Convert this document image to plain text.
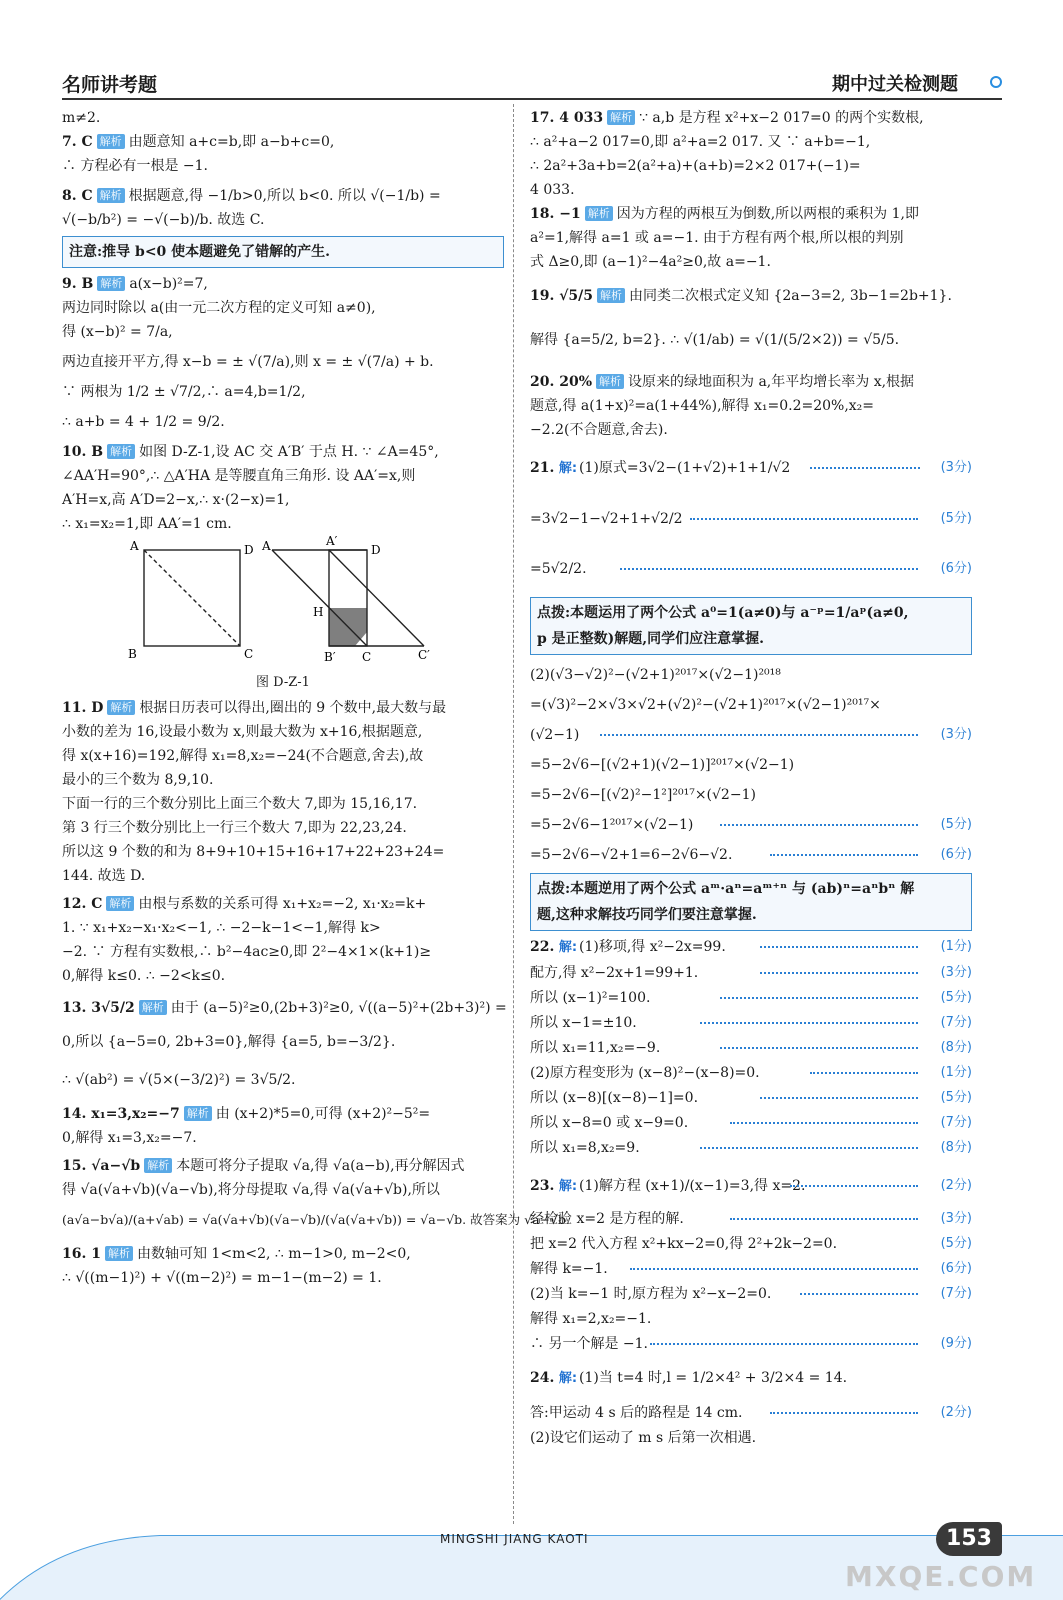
名师讲考题	期中过关检测题

m≠2.

7. C 解析 由题意知 a+c=b,即 a−b+c=0,

∴ 方程必有一根是 −1.

8. C 解析 根据题意,得 −1/b>0,所以 b<0. 所以 √(−1/b) =

√(−b/b²) = −√(−b)/b. 故选 C.

注意:推导 b<0 使本题避免了错解的产生.

9. B 解析 a(x−b)²=7,

两边同时除以 a(由一元二次方程的定义可知 a≠0),

得 (x−b)² = 7/a,

两边直接开平方,得 x−b = ± √(7/a),则 x = ± √(7/a) + b.

∵ 两根为 1/2 ± √7/2,∴ a=4,b=1/2,

∴ a+b = 4 + 1/2 = 9/2.

10. B 解析 如图 D-Z-1,设 AC 交 A′B′ 于点 H. ∵ ∠A=45°,

∠AA′H=90°,∴ △A′HA 是等腰直角三角形. 设 AA′=x,则

A′H=x,高 A′D=2−x,∴ x·(2−x)=1,

∴ x₁=x₂=1,即 AA′=1 cm.

A	D
B	C
A	A′
D
H
B′ C	C′

图 D-Z-1

11. D 解析 根据日历表可以得出,圈出的 9 个数中,最大数与最

小数的差为 16,设最小数为 x,则最大数为 x+16,根据题意,

得 x(x+16)=192,解得 x₁=8,x₂=−24(不合题意,舍去),故

最小的三个数为 8,9,10.

下面一行的三个数分别比上面三个数大 7,即为 15,16,17.

第 3 行三个数分别比上一行三个数大 7,即为 22,23,24.

所以这 9 个数的和为 8+9+10+15+16+17+22+23+24=

144. 故选 D.

12. C 解析 由根与系数的关系可得 x₁+x₂=−2, x₁·x₂=k+

1. ∵ x₁+x₂−x₁·x₂<−1, ∴ −2−k−1<−1,解得 k>

−2. ∵ 方程有实数根,∴ b²−4ac≥0,即 2²−4×1×(k+1)≥

0,解得 k≤0. ∴ −2<k≤0.

13. 3√5/2 解析 由于 (a−5)²≥0,(2b+3)²≥0, √((a−5)²+(2b+3)²) =

0,所以 {a−5=0, 2b+3=0},解得 {a=5, b=−3/2}.

∴ √(ab²) = √(5×(−3/2)²) = 3√5/2.

14. x₁=3,x₂=−7 解析 由 (x+2)*5=0,可得 (x+2)²−5²=

0,解得 x₁=3,x₂=−7.

15. √a−√b 解析 本题可将分子提取 √a,得 √a(a−b),再分解因式

得 √a(√a+√b)(√a−√b),将分母提取 √a,得 √a(√a+√b),所以

(a√a−b√a)/(a+√ab) = √a(√a+√b)(√a−√b)/(√a(√a+√b)) = √a−√b. 故答案为 √a−√b.

16. 1 解析 由数轴可知 1<m<2, ∴ m−1>0, m−2<0,

∴ √((m−1)²) + √((m−2)²) = m−1−(m−2) = 1.

17. 4 033 解析 ∵ a,b 是方程 x²+x−2 017=0 的两个实数根,

∴ a²+a−2 017=0,即 a²+a=2 017. 又 ∵ a+b=−1,

∴ 2a²+3a+b=2(a²+a)+(a+b)=2×2 017+(−1)=

4 033.

18. −1 解析 因为方程的两根互为倒数,所以两根的乘积为 1,即

a²=1,解得 a=1 或 a=−1. 由于方程有两个根,所以根的判别

式 Δ≥0,即 (a−1)²−4a²≥0,故 a=−1.

19. √5/5 解析 由同类二次根式定义知 {2a−3=2, 3b−1=2b+1}.

解得 {a=5/2, b=2}. ∴ √(1/ab) = √(1/(5/2×2)) = √5/5.

20. 20% 解析 设原来的绿地面积为 a,年平均增长率为 x,根据

题意,得 a(1+x)²=a(1+44%),解得 x₁=0.2=20%,x₂=

−2.2(不合题意,舍去).

21. 解: (1)原式=3√2−(1+√2)+1+1/√2	(3分)

=3√2−1−√2+1+√2/2	(5分)

=5√2/2.	(6分)

点拨:本题运用了两个公式 a⁰=1(a≠0)与 a⁻ᵖ=1/aᵖ(a≠0,

p 是正整数)解题,同学们应注意掌握.

(2)(√3−√2)²−(√2+1)²⁰¹⁷×(√2−1)²⁰¹⁸

=(√3)²−2×√3×√2+(√2)²−(√2+1)²⁰¹⁷×(√2−1)²⁰¹⁷×

(√2−1)	(3分)

=5−2√6−[(√2+1)(√2−1)]²⁰¹⁷×(√2−1)

=5−2√6−[(√2)²−1²]²⁰¹⁷×(√2−1)

=5−2√6−1²⁰¹⁷×(√2−1)	(5分)

=5−2√6−√2+1=6−2√6−√2.	(6分)

点拨:本题逆用了两个公式 aᵐ·aⁿ=aᵐ⁺ⁿ 与 (ab)ⁿ=aⁿbⁿ 解

题,这种求解技巧同学们要注意掌握.

22. 解: (1)移项,得 x²−2x=99.	(1分)

配方,得 x²−2x+1=99+1.	(3分)

所以 (x−1)²=100.	(5分)

所以 x−1=±10.	(7分)

所以 x₁=11,x₂=−9.	(8分)

(2)原方程变形为 (x−8)²−(x−8)=0.	(1分)

所以 (x−8)[(x−8)−1]=0.	(5分)

所以 x−8=0 或 x−9=0.	(7分)

所以 x₁=8,x₂=9.	(8分)

23. 解: (1)解方程 (x+1)/(x−1)=3,得 x=2.	(2分)

经检验 x=2 是方程的解.	(3分)

把 x=2 代入方程 x²+kx−2=0,得 2²+2k−2=0.	(5分)

解得 k=−1.	(6分)

(2)当 k=−1 时,原方程为 x²−x−2=0.	(7分)

解得 x₁=2,x₂=−1.

∴ 另一个解是 −1.	(9分)

24. 解: (1)当 t=4 时,l = 1/2×4² + 3/2×4 = 14.

答:甲运动 4 s 后的路程是 14 cm.	(2分)

(2)设它们运动了 m s 后第一次相遇.

MINGSHI JIANG KAOTI	153
MXQE.COM
